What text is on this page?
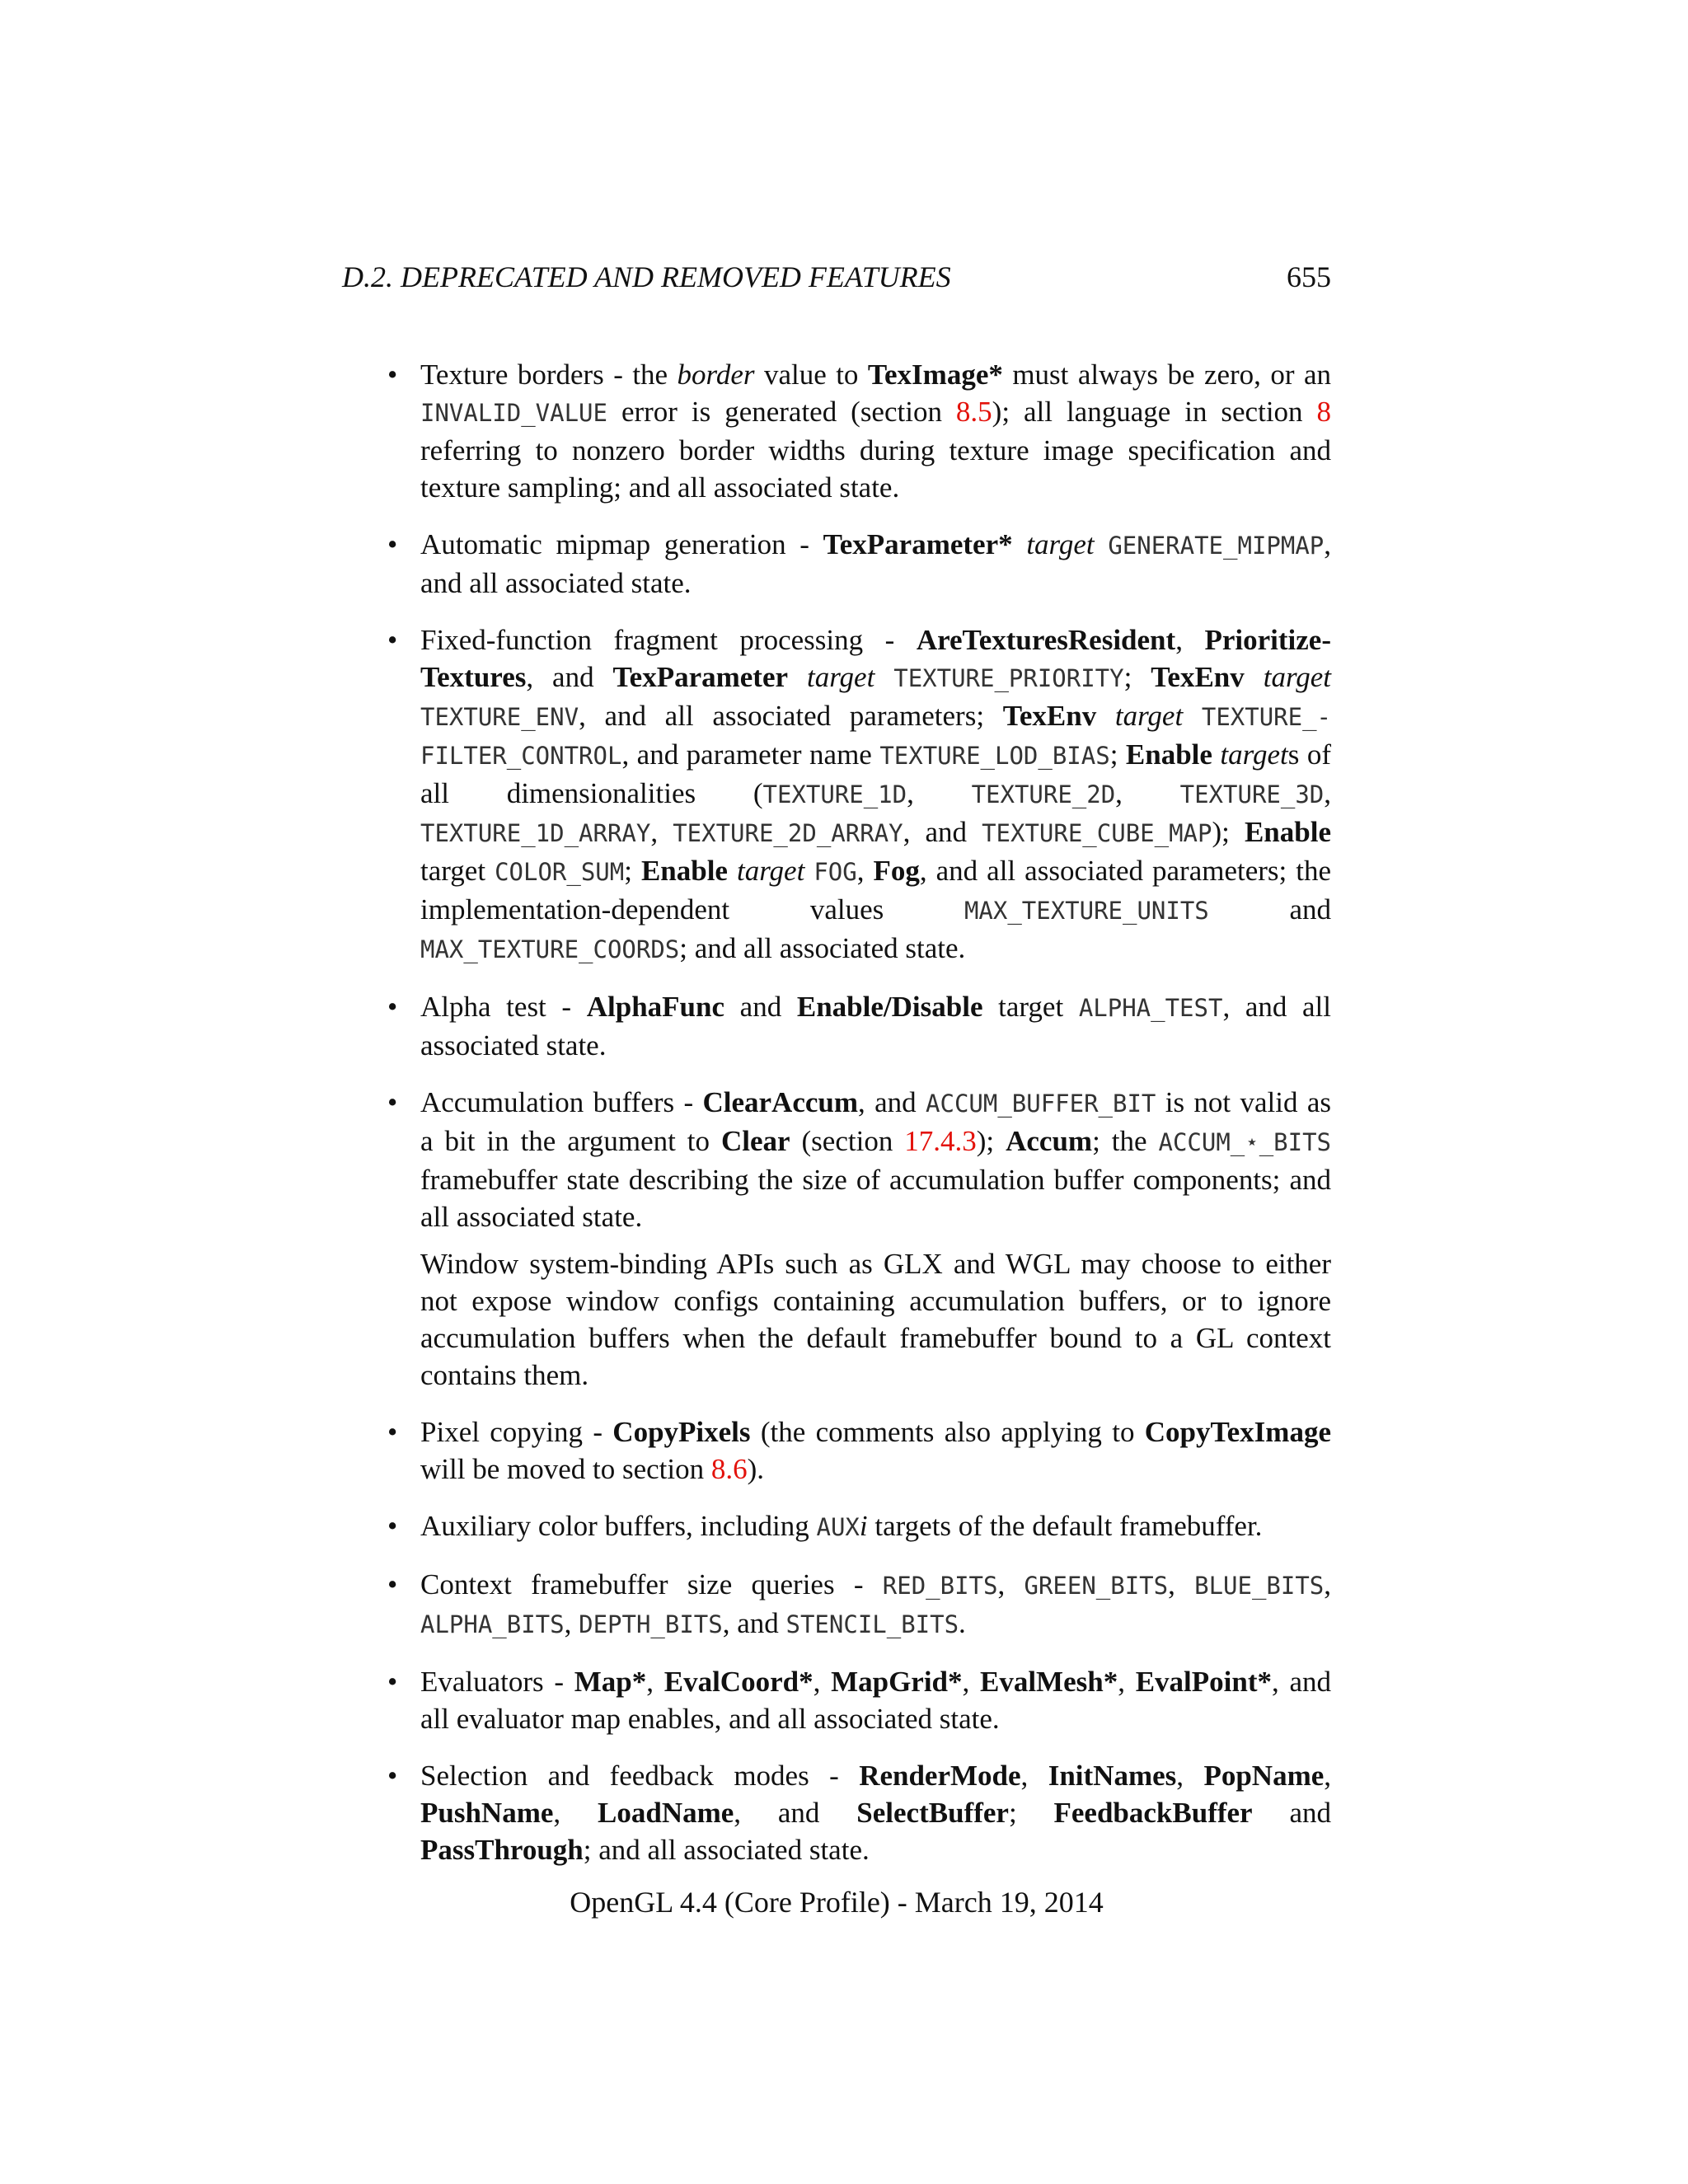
D.2. DEPRECATED AND REMOVED FEATURES	655
• Texture borders - the border value to TexImage* must always be zero, or an INVALID_VALUE error is generated (section 8.5); all language in section 8 referring to nonzero border widths during texture image specification and texture sampling; and all associated state.

• Automatic mipmap generation - TexParameter* target GENERATE_MIPMAP, and all associated state.

• Fixed-function fragment processing - AreTexturesResident, PrioritizeTextures, and TexParameter target TEXTURE_PRIORITY; TexEnv target TEXTURE_ENV, and all associated parameters; TexEnv target TEXTURE_FILTER_CONTROL, and parameter name TEXTURE_LOD_BIAS; Enable targets of all dimensionalities (TEXTURE_1D, TEXTURE_2D, TEXTURE_3D, TEXTURE_1D_ARRAY, TEXTURE_2D_ARRAY, and TEXTURE_CUBE_MAP); Enable target COLOR_SUM; Enable target FOG, Fog, and all associated parameters; the implementation-dependent values MAX_TEXTURE_UNITS and MAX_TEXTURE_COORDS; and all associated state.

• Alpha test - AlphaFunc and Enable/Disable target ALPHA_TEST, and all associated state.

• Accumulation buffers - ClearAccum, and ACCUM_BUFFER_BIT is not valid as a bit in the argument to Clear (section 17.4.3); Accum; the ACCUM_⋆_BITS framebuffer state describing the size of accumulation buffer components; and all associated state.

Window system-binding APIs such as GLX and WGL may choose to either not expose window configs containing accumulation buffers, or to ignore accumulation buffers when the default framebuffer bound to a GL context contains them.

• Pixel copying - CopyPixels (the comments also applying to CopyTexImage will be moved to section 8.6).

• Auxiliary color buffers, including AUXi targets of the default framebuffer.

• Context framebuffer size queries - RED_BITS, GREEN_BITS, BLUE_BITS, ALPHA_BITS, DEPTH_BITS, and STENCIL_BITS.

• Evaluators - Map*, EvalCoord*, MapGrid*, EvalMesh*, EvalPoint*, and all evaluator map enables, and all associated state.

• Selection and feedback modes - RenderMode, InitNames, PopName, PushName, LoadName, and SelectBuffer; FeedbackBuffer and PassThrough; and all associated state.

OpenGL 4.4 (Core Profile) - March 19, 2014
